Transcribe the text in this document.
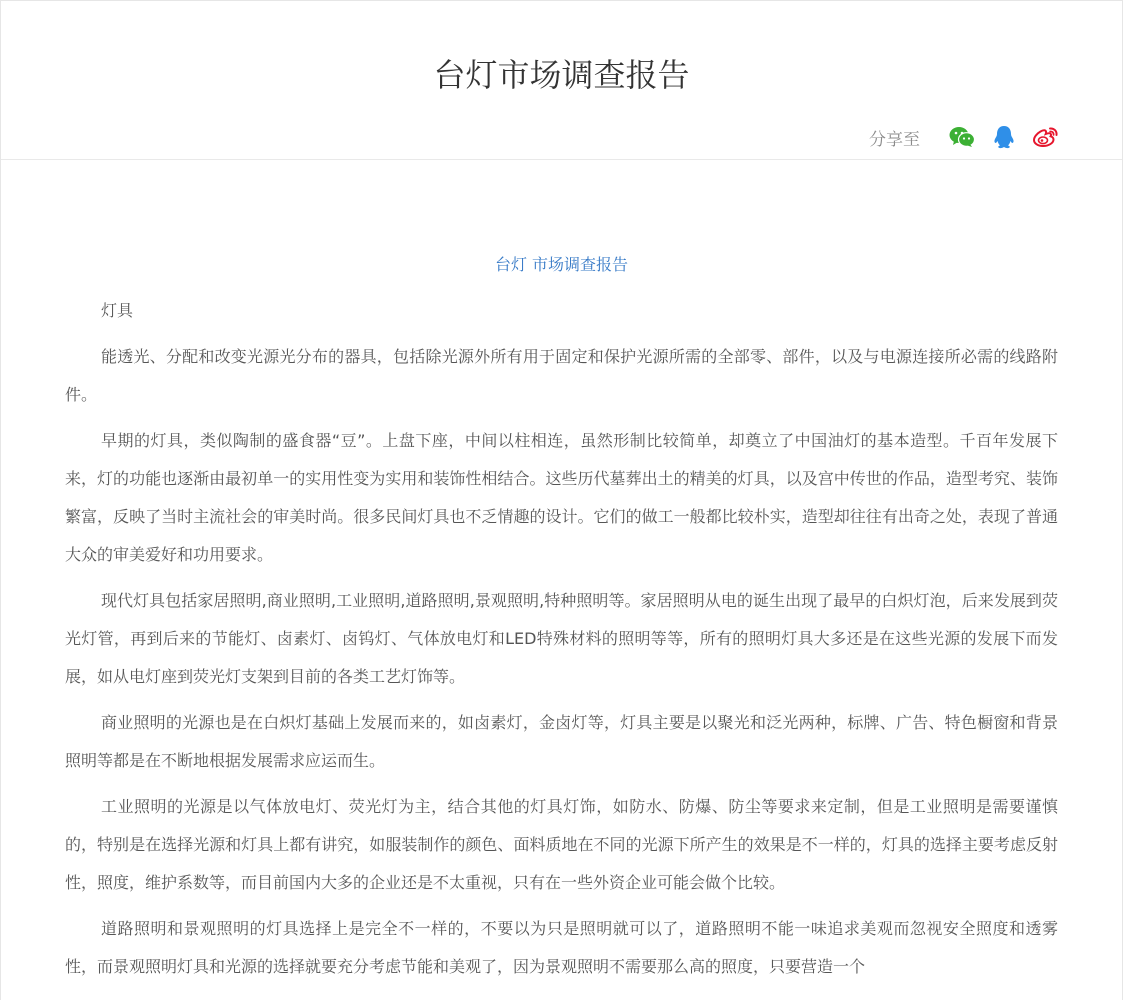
台灯市场调查报告
分享至
台灯 市场调查报告

灯具

能透光、分配和改变光源光分布的器具，包括除光源外所有用于固定和保护光源所需的全部零、部件，以及与电源连接所必需的线路附件。

早期的灯具，类似陶制的盛食器“豆”。上盘下座，中间以柱相连，虽然形制比较简单，却奠立了中国油灯的基本造型。千百年发展下来，灯的功能也逐渐由最初单一的实用性变为实用和装饰性相结合。这些历代墓葬出土的精美的灯具，以及宫中传世的作品，造型考究、装饰繁富，反映了当时主流社会的审美时尚。很多民间灯具也不乏情趣的设计。它们的做工一般都比较朴实，造型却往往有出奇之处，表现了普通大众的审美爱好和功用要求。

现代灯具包括家居照明,商业照明,工业照明,道路照明,景观照明,特种照明等。家居照明从电的诞生出现了最早的白炽灯泡，后来发展到荧光灯管，再到后来的节能灯、卤素灯、卤钨灯、气体放电灯和LED特殊材料的照明等等，所有的照明灯具大多还是在这些光源的发展下而发展，如从电灯座到荧光灯支架到目前的各类工艺灯饰等。

商业照明的光源也是在白炽灯基础上发展而来的，如卤素灯，金卤灯等，灯具主要是以聚光和泛光两种，标牌、广告、特色橱窗和背景照明等都是在不断地根据发展需求应运而生。

工业照明的光源是以气体放电灯、荧光灯为主，结合其他的灯具灯饰，如防水、防爆、防尘等要求来定制，但是工业照明是需要谨慎的，特别是在选择光源和灯具上都有讲究，如服装制作的颜色、面料质地在不同的光源下所产生的效果是不一样的，灯具的选择主要考虑反射性，照度，维护系数等，而目前国内大多的企业还是不太重视，只有在一些外资企业可能会做个比较。

道路照明和景观照明的灯具选择上是完全不一样的，不要以为只是照明就可以了，道路照明不能一味追求美观而忽视安全照度和透雾性，而景观照明灯具和光源的选择就要充分考虑节能和美观了，因为景观照明不需要那么高的照度，只要营造一个
